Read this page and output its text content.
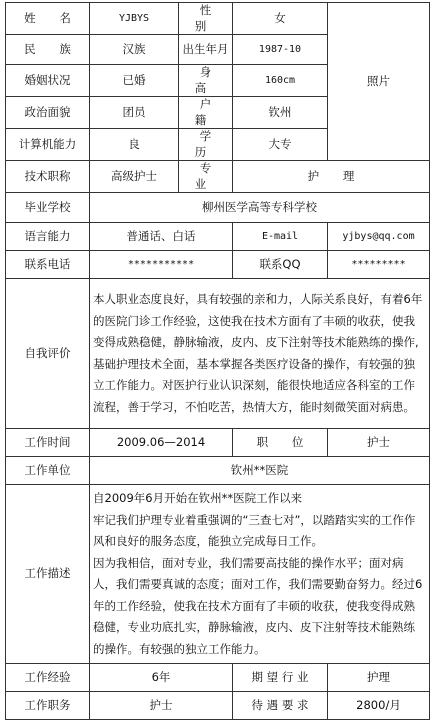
姓 名	YJBYS	性 别	女	照片
民 族	汉族	出生年月	1987-10	
婚姻状况	已婚	身 高	160cm	
政治面貌	团员	户 籍	钦州	
计算机能力	良	学 历	大专	
技术职称	高级护士	专 业	护 理	
毕业学校	柳州医学高等专科学校			
语言能力	普通话、白话		E-mail	yjbys@qq.com
联系电话	***********		联系QQ	*********
自我评价	本人职业态度良好，具有较强的亲和力，人际关系良好，有着6年的医院门诊工作经验，这使我在技术方面有了丰硕的收获，使我变得成熟稳健，静脉输液，皮内、皮下注射等技术能熟练的操作,基础护理技术全面，基本掌握各类医疗设备的操作，有较强的独立工作能力。对医护行业认识深刻，能很快地适应各科室的工作流程，善于学习，不怕吃苦，热情大方，能时刻微笑面对病患。			
工作时间	2009.06—2014		职 位	护士
工作单位	钦州**医院			
工作描述	自2009年6月开始在钦州**医院工作以来

牢记我们护理专业着重强调的“三查七对”，以踏踏实实的工作作风和良好的服务态度，能独立完成每日工作。

因为我相信，面对专业，我们需要高技能的操作水平；面对病人，我们需要真诚的态度；面对工作，我们需要勤奋努力。经过6年的工作经验，使我在技术方面有了丰硕的收获，使我变得成熟稳健，专业功底扎实，静脉输液，皮内、皮下注射等技术能熟练的操作。有较强的独立工作能力。			

工作经验	6年		期 望 行 业	护理
工作职务	护士		待 遇 要 求	2800/月
